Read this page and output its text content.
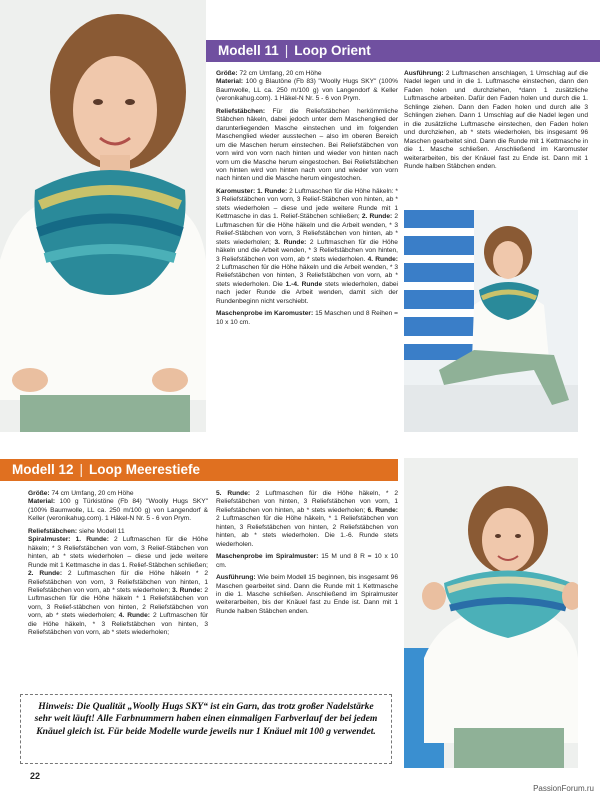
Modell 11 | Loop Orient

Größe: 72 cm Umfang, 20 cm Höhe

Material: 100 g Blautöne (Fb 83) "Woolly Hugs SKY" (100% Baumwolle, LL ca. 250 m/100 g) von Langendorf & Keller (veronikahug.com). 1 Häkel-N Nr. 5 - 6 von Prym.

Reliefstäbchen: Für die Reliefstäbchen herkömmliche Stäbchen häkeln, dabei jedoch unter dem Maschenglied der darunterliegenden Masche einstechen und im folgenden Maschenglied wieder ausstechen – also im oberen Bereich um die Maschen herum einstechen. Bei Reliefstäbchen von vorn wird von vorn nach hinten und wieder von hinten nach vorn um die Masche herum eingestochen. Bei Reliefstäbchen von hinten wird von hinten nach vorn und wieder von vorn nach hinten und die Masche herum eingestochen.

Karomuster: 1. Runde: 2 Luftmaschen für die Höhe häkeln: * 3 Reliefstäbchen von vorn, 3 Relief-Stäbchen von hinten, ab * stets wiederholen – diese und jede weitere Runde mit 1 Kettmasche in das 1. Relief-Stäbchen schließen; 2. Runde: 2 Luftmaschen für die Höhe häkeln und die Arbeit wenden, * 3 Relief-Stäbchen von vorn, 3 Reliefstäbchen von hinten, ab * stets wiederholen; 3. Runde: 2 Luftmaschen für die Höhe häkeln und die Arbeit wenden, * 3 Reliefstäbchen von hinten, 3 Reliefstäbchen von vorn, ab * stets wiederholen. 4. Runde: 2 Luftmaschen für die Höhe häkeln und die Arbeit wenden, * 3 Reliefstäbchen von hinten, 3 Reliefstäbchen von vorn, ab * stets wiederholen. Die 1.-4. Runde stets wiederholen, dabei nach jeder Runde die Arbeit wenden, damit sich der Rundenbeginn nicht verschiebt.

Maschenprobe im Karomuster: 15 Maschen und 8 Reihen = 10 x 10 cm.

Ausführung: 2 Luftmaschen anschlagen, 1 Umschlag auf die Nadel legen und in die 1. Luftmasche einstechen, dann den Faden holen und durchziehen, *dann 1 zusätzliche Luftmasche arbeiten. Dafür den Faden holen und durch die 1. Schlinge ziehen. Dann den Faden holen und durch alle 3 Schlingen ziehen. Dann 1 Umschlag auf die Nadel legen und in die zusätzliche Luftmasche einstechen, den Faden holen und durchziehen, ab * stets wiederholen, bis insgesamt 96 Maschen gearbeitet sind. Dann die Runde mit 1 Kettmasche in die 1. Masche schließen. Anschließend im Karomuster weiterarbeiten, bis der Knäuel fast zu Ende ist. Dann mit 1 Runde halben Stäbchen enden.

Modell 12 | Loop Meerestiefe

Größe: 74 cm Umfang, 20 cm Höhe

Material: 100 g Türkistöne (Fb 84) "Woolly Hugs SKY" (100% Baumwolle, LL ca. 250 m/100 g) von Langendorf & Keller (veronikahug.com). 1 Häkel-N Nr. 5 - 6 von Prym.

Reliefstäbchen: siehe Modell 11

Spiralmuster: 1. Runde: 2 Luftmaschen für die Höhe häkeln; * 3 Reliefstäbchen von vorn, 3 Relief-Stäbchen von hinten, ab * stets wiederholen – diese und jede weitere Runde mit 1 Kettmasche in das 1. Relief-Stäbchen schließen; 2. Runde: 2 Luftmaschen für die Höhe häkeln * 2 Reliefstäbchen von vorn, 3 Reliefstäbchen von hinten, 1 Reliefstäbchen von vorn, ab * stets wiederholen; 3. Runde: 2 Luftmaschen für die Höhe häkeln * 1 Reliefstäbchen von vorn, 3 Relief-stäbchen von hinten, 2 Reliefstäbchen von vorn, ab * stets wiederholen; 4. Runde: 2 Luftmaschen für die Höhe häkeln, * 3 Reliefstäbchen von hinten, 3 Reliefstäbchen von vorn, ab * stets wiederholen;

5. Runde: 2 Luftmaschen für die Höhe häkeln, * 2 Reliefstäbchen von hinten, 3 Reliefstäbchen von vorn, 1 Reliefstäbchen von hinten, ab * stets wiederholen; 6. Runde: 2 Luftmaschen für die Höhe häkeln, * 1 Reliefstäbchen von hinten, 3 Reliefstäbchen von hinten, 2 Reliefstäbchen von hinten, ab * stets wiederholen. Die 1.-6. Runde stets wiederholen.

Maschenprobe im Spiralmuster: 15 M und 8 R = 10 x 10 cm.

Ausführung: Wie beim Modell 15 beginnen, bis insgesamt 96 Maschen gearbeitet sind. Dann die Runde mit 1 Kettmasche in die 1. Masche schließen. Anschließend im Spiralmuster weiterarbeiten, bis der Knäuel fast zu Ende ist. Dann mit 1 Runde halben Stäbchen enden.

Hinweis: Die Qualität „Woolly Hugs SKY“ ist ein Garn, das trotz großer Nadelstärke sehr weit läuft! Alle Farbnummern haben einen einmaligen Farbverlauf der bei jedem Knäuel gleich ist. Für beide Modelle wurde jeweils nur 1 Knäuel mit 100 g verwendet.
22
PassionForum.ru
